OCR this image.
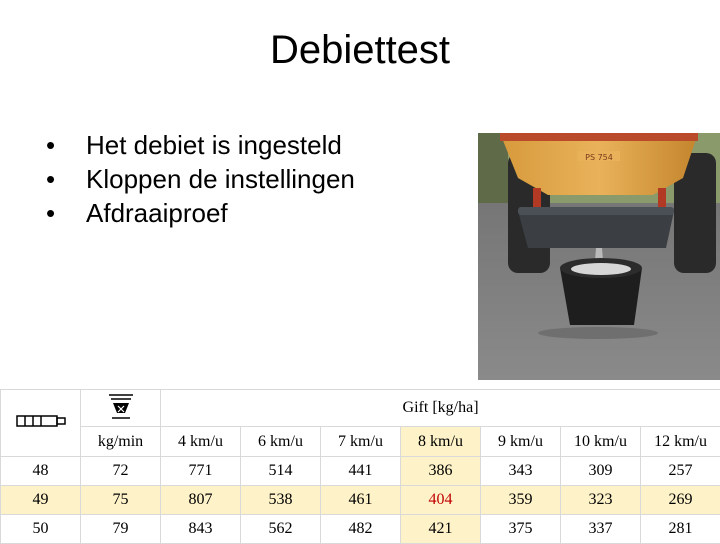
Debiettest
•	Het debiet is ingesteld
•	Kloppen de instellingen
•	Afdraaiproef
PS 754
		Gift [kg/ha]						
	kg/min	4 km/u	6 km/u	7 km/u	8 km/u	9 km/u	10 km/u	12 km/u
48	72	771	514	441	386	343	309	257
49	75	807	538	461	404	359	323	269
50	79	843	562	482	421	375	337	281
